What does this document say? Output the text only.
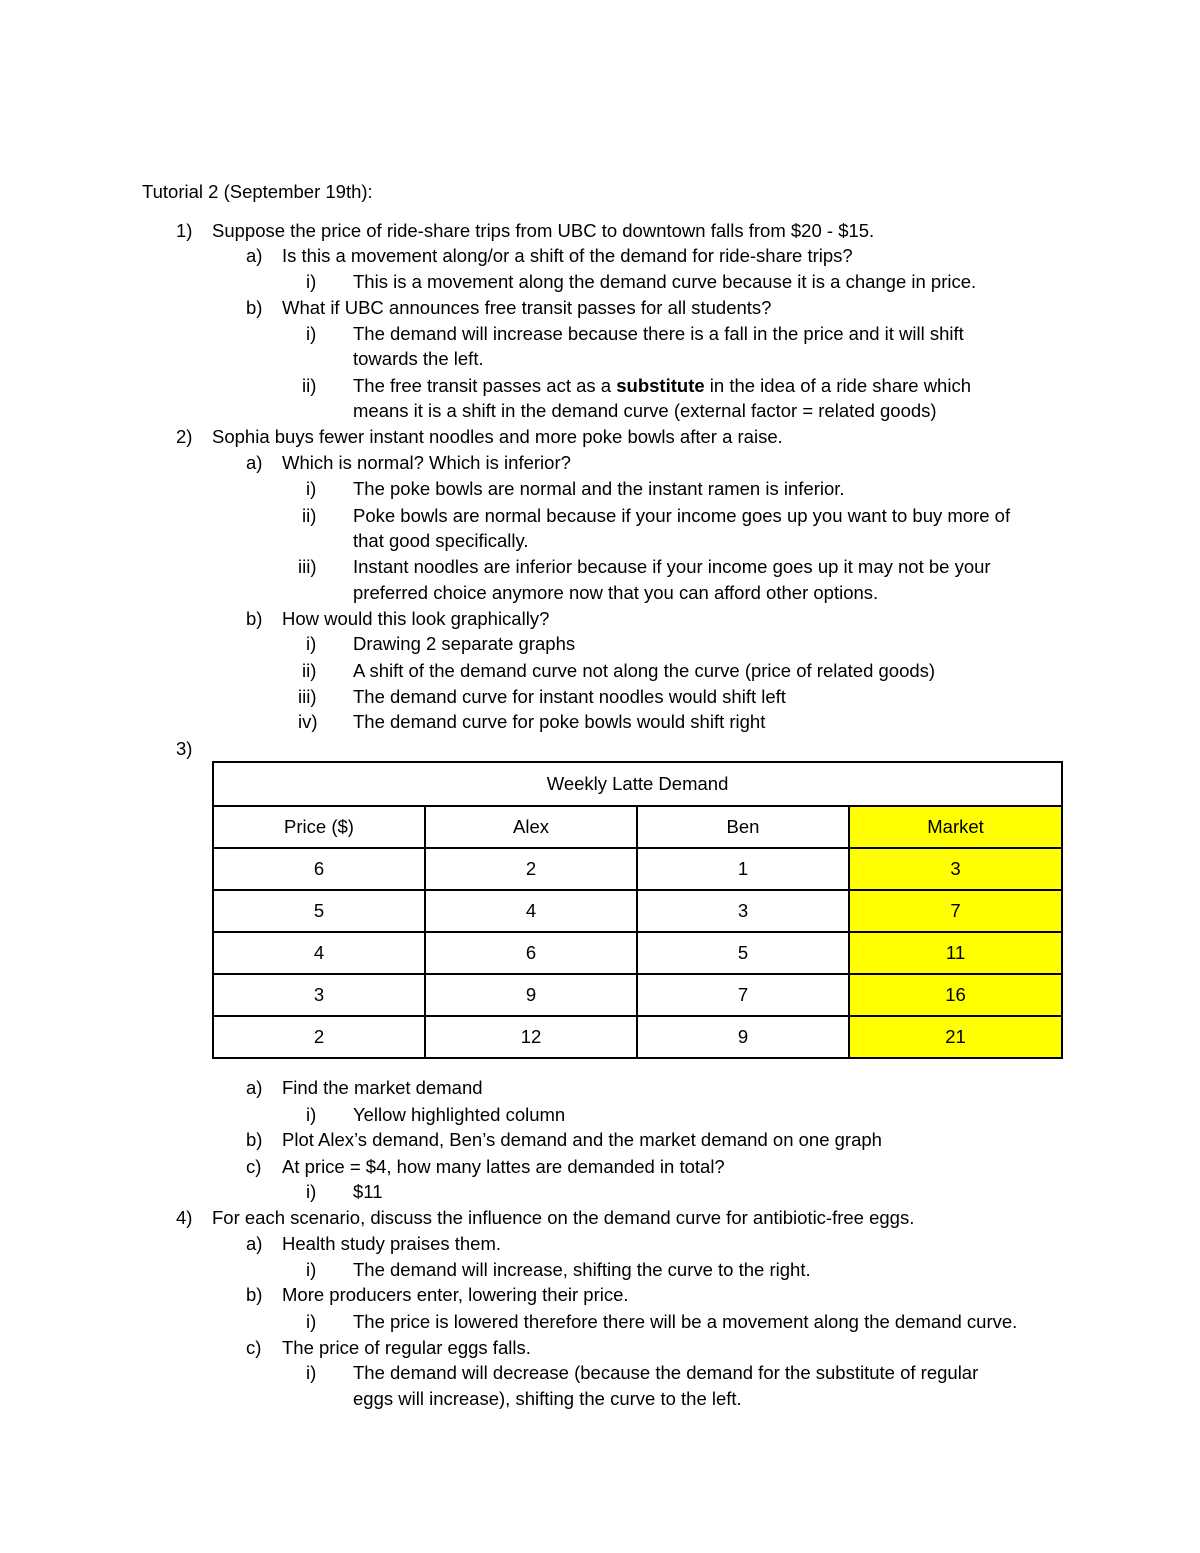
Tutorial 2 (September 19th):
1) Suppose the price of ride-share trips from UBC to downtown falls from $20 - $15.
a) Is this a movement along/or a shift of the demand for ride-share trips?
i) This is a movement along the demand curve because it is a change in price.
b) What if UBC announces free transit passes for all students?
i) The demand will increase because there is a fall in the price and it will shift
towards the left.
ii) The free transit passes act as a substitute in the idea of a ride share which
means it is a shift in the demand curve (external factor = related goods)
2) Sophia buys fewer instant noodles and more poke bowls after a raise.
a) Which is normal? Which is inferior?
i) The poke bowls are normal and the instant ramen is inferior.
ii) Poke bowls are normal because if your income goes up you want to buy more of
that good specifically.
iii) Instant noodles are inferior because if your income goes up it may not be your
preferred choice anymore now that you can afford other options.
b) How would this look graphically?
i) Drawing 2 separate graphs
ii) A shift of the demand curve not along the curve (price of related goods)
iii) The demand curve for instant noodles would shift left
iv) The demand curve for poke bowls would shift right
3)
Weekly Latte Demand			
Price ($)	Alex	Ben	Market
6	2	1	3
5	4	3	7
4	6	5	11
3	9	7	16
2	12	9	21
a) Find the market demand
i) Yellow highlighted column
b) Plot Alex’s demand, Ben’s demand and the market demand on one graph
c) At price = $4, how many lattes are demanded in total?
i) $11
4) For each scenario, discuss the influence on the demand curve for antibiotic-free eggs.
a) Health study praises them.
i) The demand will increase, shifting the curve to the right.
b) More producers enter, lowering their price.
i) The price is lowered therefore there will be a movement along the demand curve.
c) The price of regular eggs falls.
i) The demand will decrease (because the demand for the substitute of regular
eggs will increase), shifting the curve to the left.
